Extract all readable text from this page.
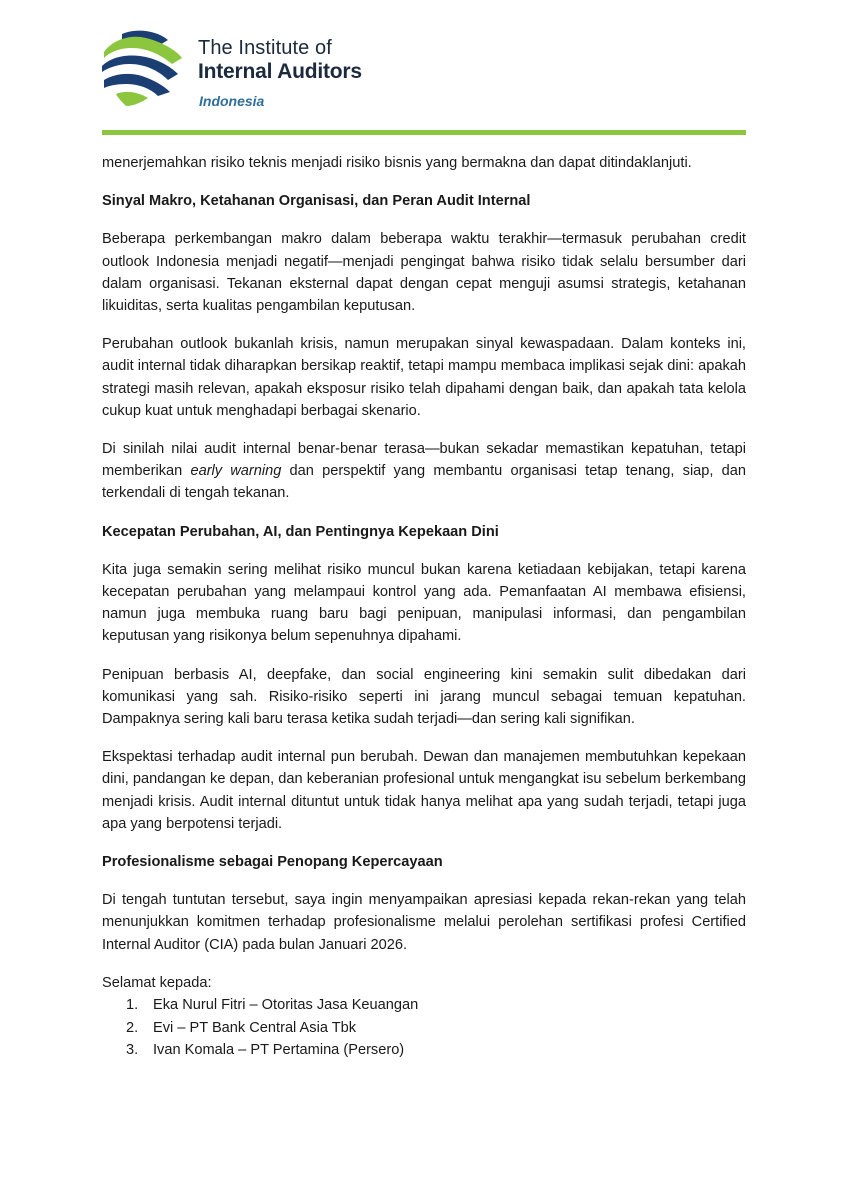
The Institute of
Internal Auditors
Indonesia

menerjemahkan risiko teknis menjadi risiko bisnis yang bermakna dan dapat ditindaklanjuti.

Sinyal Makro, Ketahanan Organisasi, dan Peran Audit Internal

Beberapa perkembangan makro dalam beberapa waktu terakhir—termasuk perubahan credit outlook Indonesia menjadi negatif—menjadi pengingat bahwa risiko tidak selalu bersumber dari dalam organisasi. Tekanan eksternal dapat dengan cepat menguji asumsi strategis, ketahanan likuiditas, serta kualitas pengambilan keputusan.

Perubahan outlook bukanlah krisis, namun merupakan sinyal kewaspadaan. Dalam konteks ini, audit internal tidak diharapkan bersikap reaktif, tetapi mampu membaca implikasi sejak dini: apakah strategi masih relevan, apakah eksposur risiko telah dipahami dengan baik, dan apakah tata kelola cukup kuat untuk menghadapi berbagai skenario.

Di sinilah nilai audit internal benar-benar terasa—bukan sekadar memastikan kepatuhan, tetapi memberikan early warning dan perspektif yang membantu organisasi tetap tenang, siap, dan terkendali di tengah tekanan.

Kecepatan Perubahan, AI, dan Pentingnya Kepekaan Dini

Kita juga semakin sering melihat risiko muncul bukan karena ketiadaan kebijakan, tetapi karena kecepatan perubahan yang melampaui kontrol yang ada. Pemanfaatan AI membawa efisiensi, namun juga membuka ruang baru bagi penipuan, manipulasi informasi, dan pengambilan keputusan yang risikonya belum sepenuhnya dipahami.

Penipuan berbasis AI, deepfake, dan social engineering kini semakin sulit dibedakan dari komunikasi yang sah. Risiko-risiko seperti ini jarang muncul sebagai temuan kepatuhan. Dampaknya sering kali baru terasa ketika sudah terjadi—dan sering kali signifikan.

Ekspektasi terhadap audit internal pun berubah. Dewan dan manajemen membutuhkan kepekaan dini, pandangan ke depan, dan keberanian profesional untuk mengangkat isu sebelum berkembang menjadi krisis. Audit internal dituntut untuk tidak hanya melihat apa yang sudah terjadi, tetapi juga apa yang berpotensi terjadi.

Profesionalisme sebagai Penopang Kepercayaan

Di tengah tuntutan tersebut, saya ingin menyampaikan apresiasi kepada rekan-rekan yang telah menunjukkan komitmen terhadap profesionalisme melalui perolehan sertifikasi profesi Certified Internal Auditor (CIA) pada bulan Januari 2026.

Selamat kepada:

1.	Eka Nurul Fitri – Otoritas Jasa Keuangan
2.	Evi – PT Bank Central Asia Tbk
3.	Ivan Komala – PT Pertamina (Persero)
